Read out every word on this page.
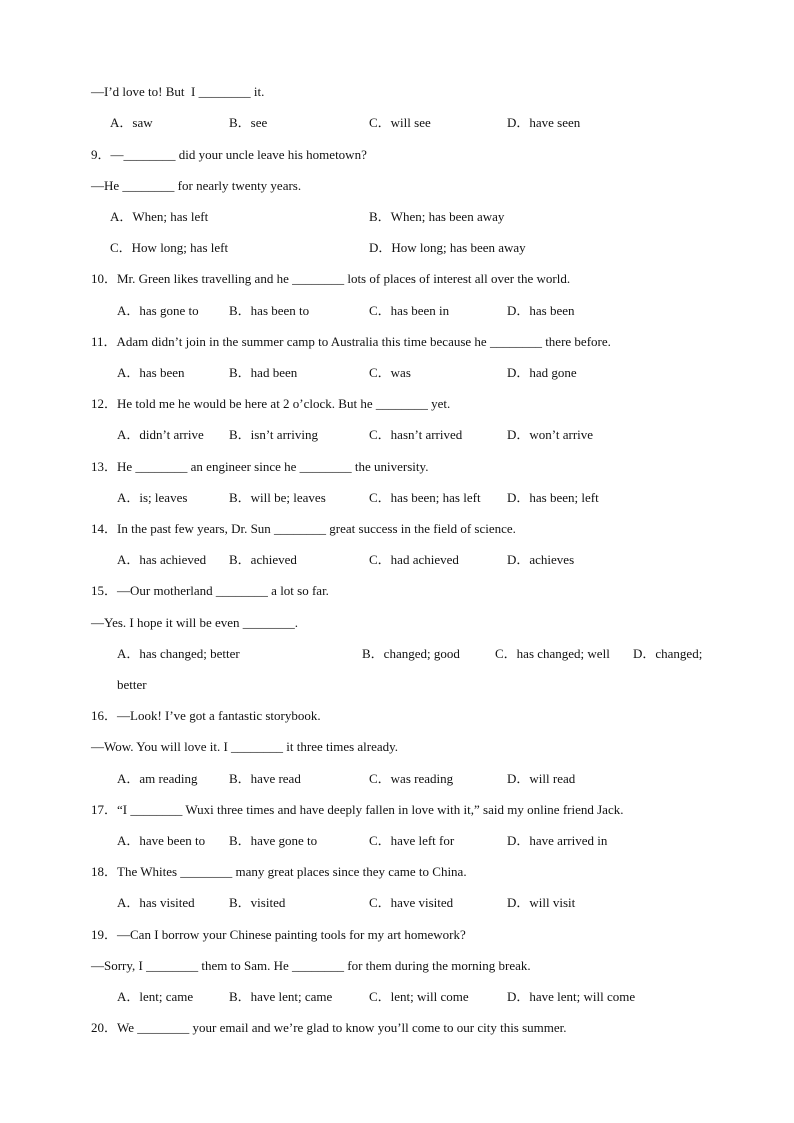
—I’d love to! But  I ________ it.
A．saw	B．see	C．will see	D．have seen
9．—________ did your uncle leave his hometown?
—He ________ for nearly twenty years.
A．When; has left	B．When; has been away
C．How long; has left	D．How long; has been away
10．Mr. Green likes travelling and he ________ lots of places of interest all over the world.
A．has gone to B．has been to	C．has been in	D．has been
11．Adam didn’t join in the summer camp to Australia this time because he ________ there before.
A．has been	B．had been	C．was	D．had gone
12．He told me he would be here at 2 o’clock. But he ________ yet.
A．didn’t arrive B．isn’t arriving	C．hasn’t arrived	D．won’t arrive
13．He ________ an engineer since he ________ the university.
A．is; leaves	B．will be; leaves	C．has been; has left D．has been; left
14．In the past few years, Dr. Sun ________ great success in the field of science.
A．has achieved B．achieved	C．had achieved	D．achieves
15．—Our motherland ________ a lot so far.
—Yes. I hope it will be even ________.
A．has changed; better	B．changed; good	C．has changed; well D．changed;
better
16．—Look! I’ve got a fantastic storybook.
—Wow. You will love it. I ________ it three times already.
A．am reading B．have read	C．was reading	D．will read
17．“I ________ Wuxi three times and have deeply fallen in love with it,” said my online friend Jack.
A．have been to B．have gone to	C．have left for	D．have arrived in
18．The Whites ________ many great places since they came to China.
A．has visited	B．visited	C．have visited	D．will visit
19．—Can I borrow your Chinese painting tools for my art homework?
—Sorry, I ________ them to Sam. He ________ for them during the morning break.
A．lent; came	B．have lent; came	C．lent; will come	D．have lent; will come
20．We ________ your email and we’re glad to know you’ll come to our city this summer.
